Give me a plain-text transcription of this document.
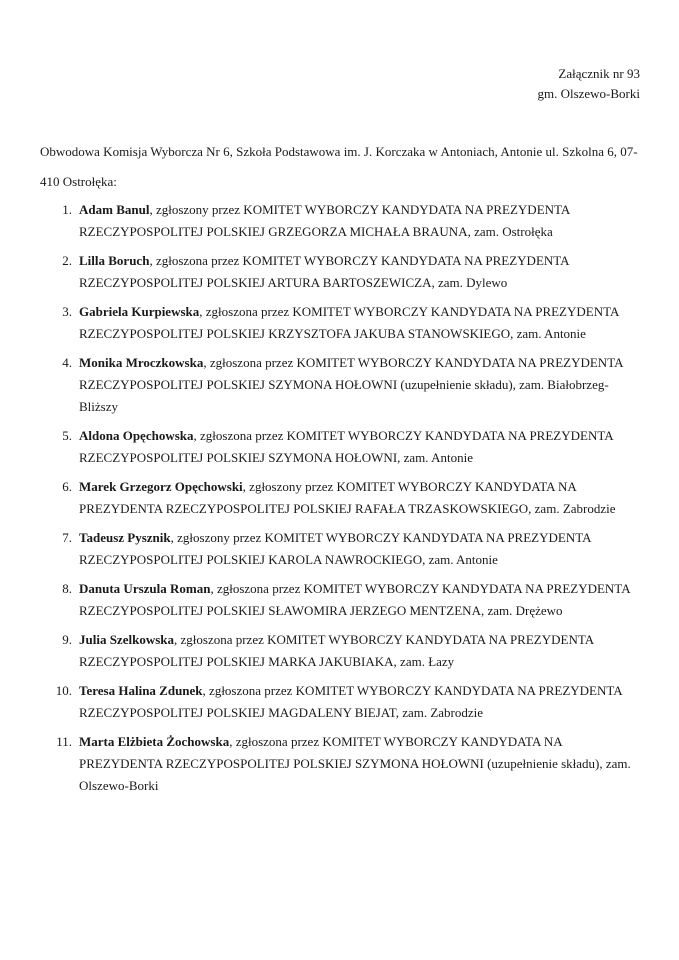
Załącznik nr 93
gm. Olszewo-Borki

Obwodowa Komisja Wyborcza Nr 6, Szkoła Podstawowa im. J. Korczaka w Antoniach, Antonie ul. Szkolna 6, 07-410 Ostrołęka:

1. Adam Banul, zgłoszony przez KOMITET WYBORCZY KANDYDATA NA PREZYDENTA RZECZYPOSPOLITEJ POLSKIEJ GRZEGORZA MICHAŁA BRAUNA, zam. Ostrołęka
2. Lilla Boruch, zgłoszona przez KOMITET WYBORCZY KANDYDATA NA PREZYDENTA RZECZYPOSPOLITEJ POLSKIEJ ARTURA BARTOSZEWICZA, zam. Dylewo
3. Gabriela Kurpiewska, zgłoszona przez KOMITET WYBORCZY KANDYDATA NA PREZYDENTA RZECZYPOSPOLITEJ POLSKIEJ KRZYSZTOFA JAKUBA STANOWSKIEGO, zam. Antonie
4. Monika Mroczkowska, zgłoszona przez KOMITET WYBORCZY KANDYDATA NA PREZYDENTA RZECZYPOSPOLITEJ POLSKIEJ SZYMONA HOŁOWNI (uzupełnienie składu), zam. Białobrzeg-Bliższy
5. Aldona Opęchowska, zgłoszona przez KOMITET WYBORCZY KANDYDATA NA PREZYDENTA RZECZYPOSPOLITEJ POLSKIEJ SZYMONA HOŁOWNI, zam. Antonie
6. Marek Grzegorz Opęchowski, zgłoszony przez KOMITET WYBORCZY KANDYDATA NA PREZYDENTA RZECZYPOSPOLITEJ POLSKIEJ RAFAŁA TRZASKOWSKIEGO, zam. Zabrodzie
7. Tadeusz Pysznik, zgłoszony przez KOMITET WYBORCZY KANDYDATA NA PREZYDENTA RZECZYPOSPOLITEJ POLSKIEJ KAROLA NAWROCKIEGO, zam. Antonie
8. Danuta Urszula Roman, zgłoszona przez KOMITET WYBORCZY KANDYDATA NA PREZYDENTA RZECZYPOSPOLITEJ POLSKIEJ SŁAWOMIRA JERZEGO MENTZENA, zam. Drężewo
9. Julia Szelkowska, zgłoszona przez KOMITET WYBORCZY KANDYDATA NA PREZYDENTA RZECZYPOSPOLITEJ POLSKIEJ MARKA JAKUBIAKA, zam. Łazy
10. Teresa Halina Zdunek, zgłoszona przez KOMITET WYBORCZY KANDYDATA NA PREZYDENTA RZECZYPOSPOLITEJ POLSKIEJ MAGDALENY BIEJAT, zam. Zabrodzie
11. Marta Elżbieta Żochowska, zgłoszona przez KOMITET WYBORCZY KANDYDATA NA PREZYDENTA RZECZYPOSPOLITEJ POLSKIEJ SZYMONA HOŁOWNI (uzupełnienie składu), zam. Olszewo-Borki
